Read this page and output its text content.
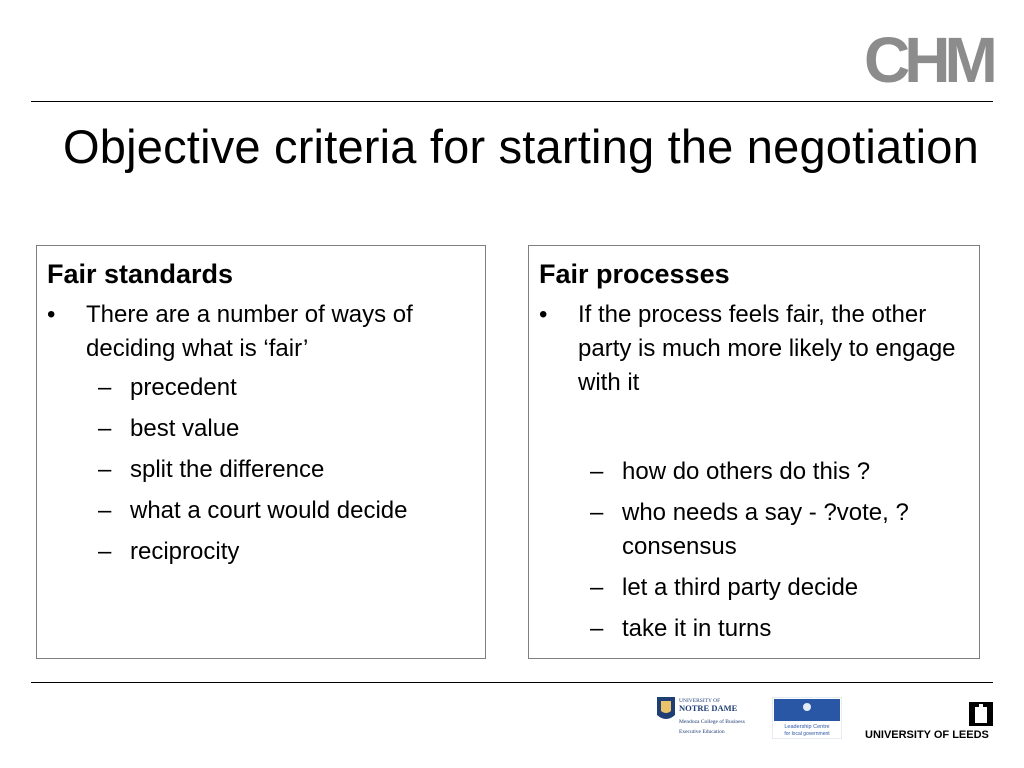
CHM
Objective criteria for starting the negotiation
Fair standards
•	There are a number of ways of deciding what is ‘fair’
– precedent
– best value
– split the difference
– what a court would decide
– reciprocity
Fair processes
•	If the process feels fair, the other party is much more likely to engage with it
– how do others do this ?
– who needs a say - ?vote, ?consensus
– let a third party decide
– take it in turns
UNIVERSITY OF
NOTRE DAME
Mendoza College of Business
Executive Education
Leadership Centre
for local government	UNIVERSITY OF LEEDS
